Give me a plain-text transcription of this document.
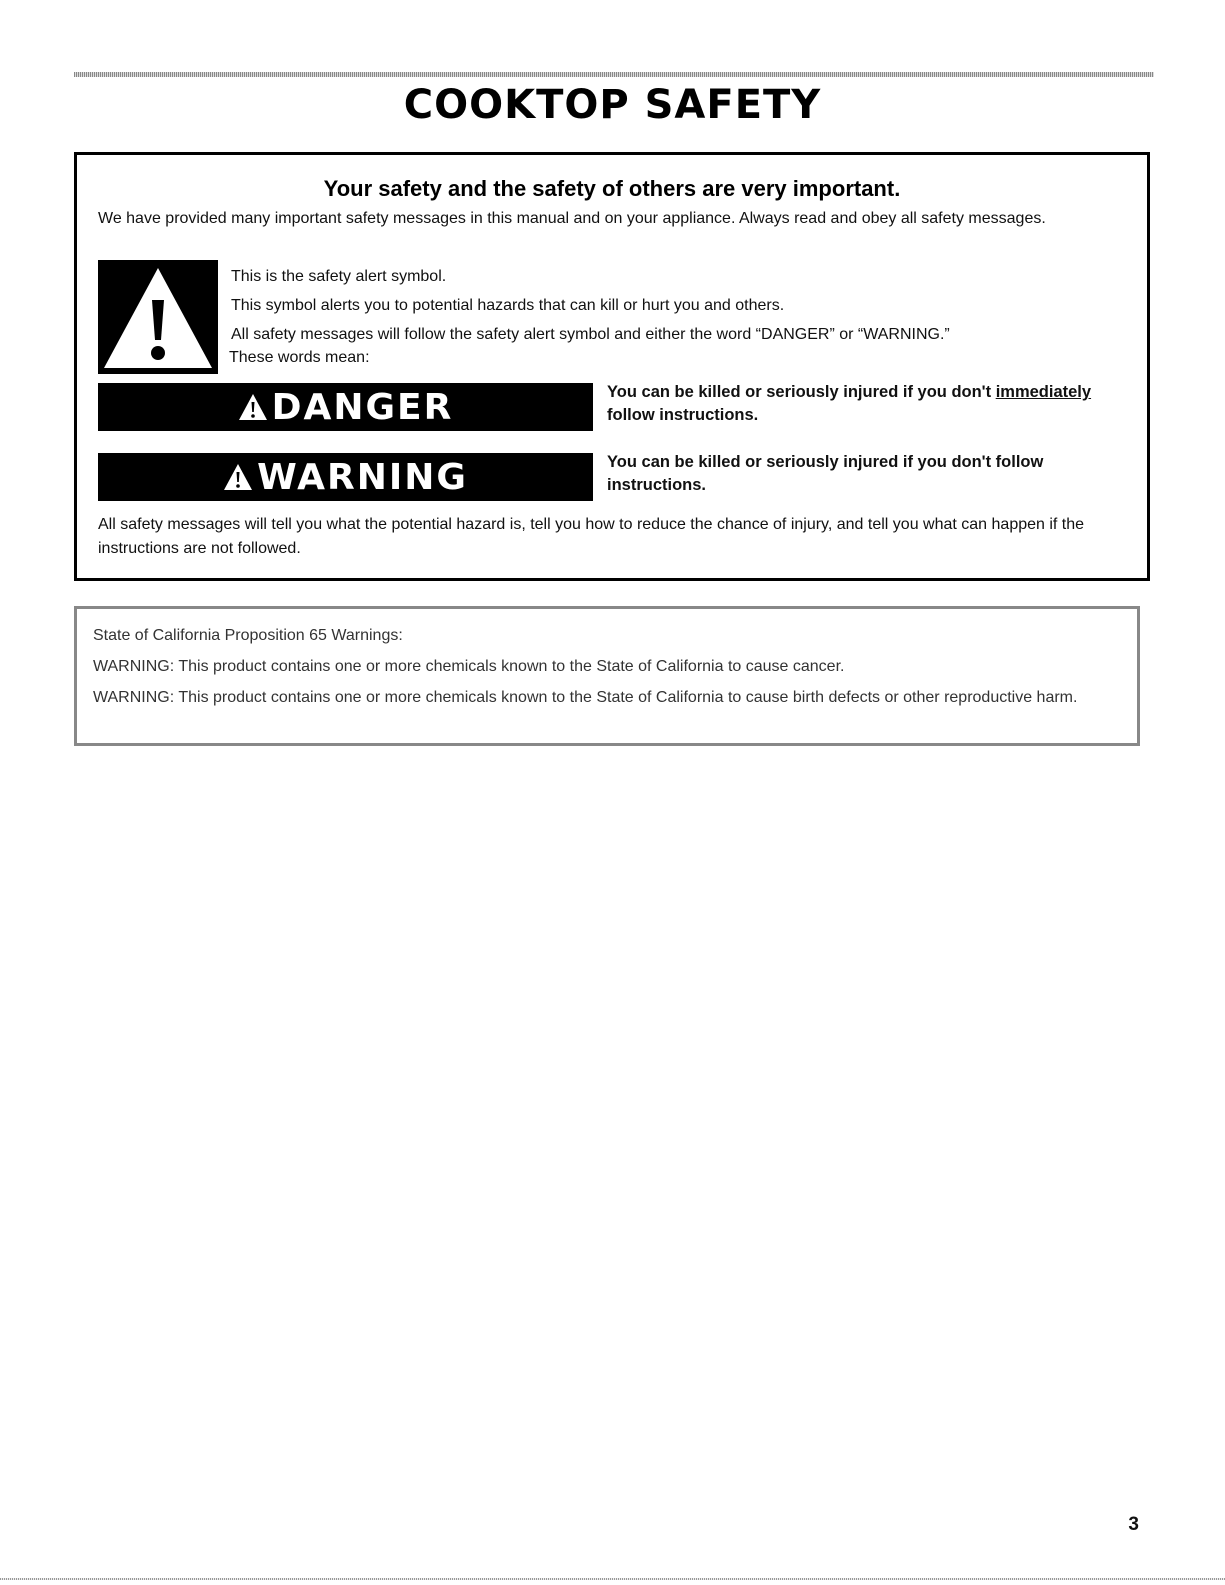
COOKTOP SAFETY
Your safety and the safety of others are very important.

We have provided many important safety messages in this manual and on your appliance. Always read and obey all safety messages.

This is the safety alert symbol.

This symbol alerts you to potential hazards that can kill or hurt you and others.

All safety messages will follow the safety alert symbol and either the word “DANGER” or “WARNING.”

These words mean:

DANGER	You can be killed or seriously injured if you don't immediately follow instructions.

WARNING	You can be killed or seriously injured if you don't follow instructions.

All safety messages will tell you what the potential hazard is, tell you how to reduce the chance of injury, and tell you what can happen if the instructions are not followed.

State of California Proposition 65 Warnings:

WARNING: This product contains one or more chemicals known to the State of California to cause cancer.

WARNING: This product contains one or more chemicals known to the State of California to cause birth defects or other reproductive harm.

3
